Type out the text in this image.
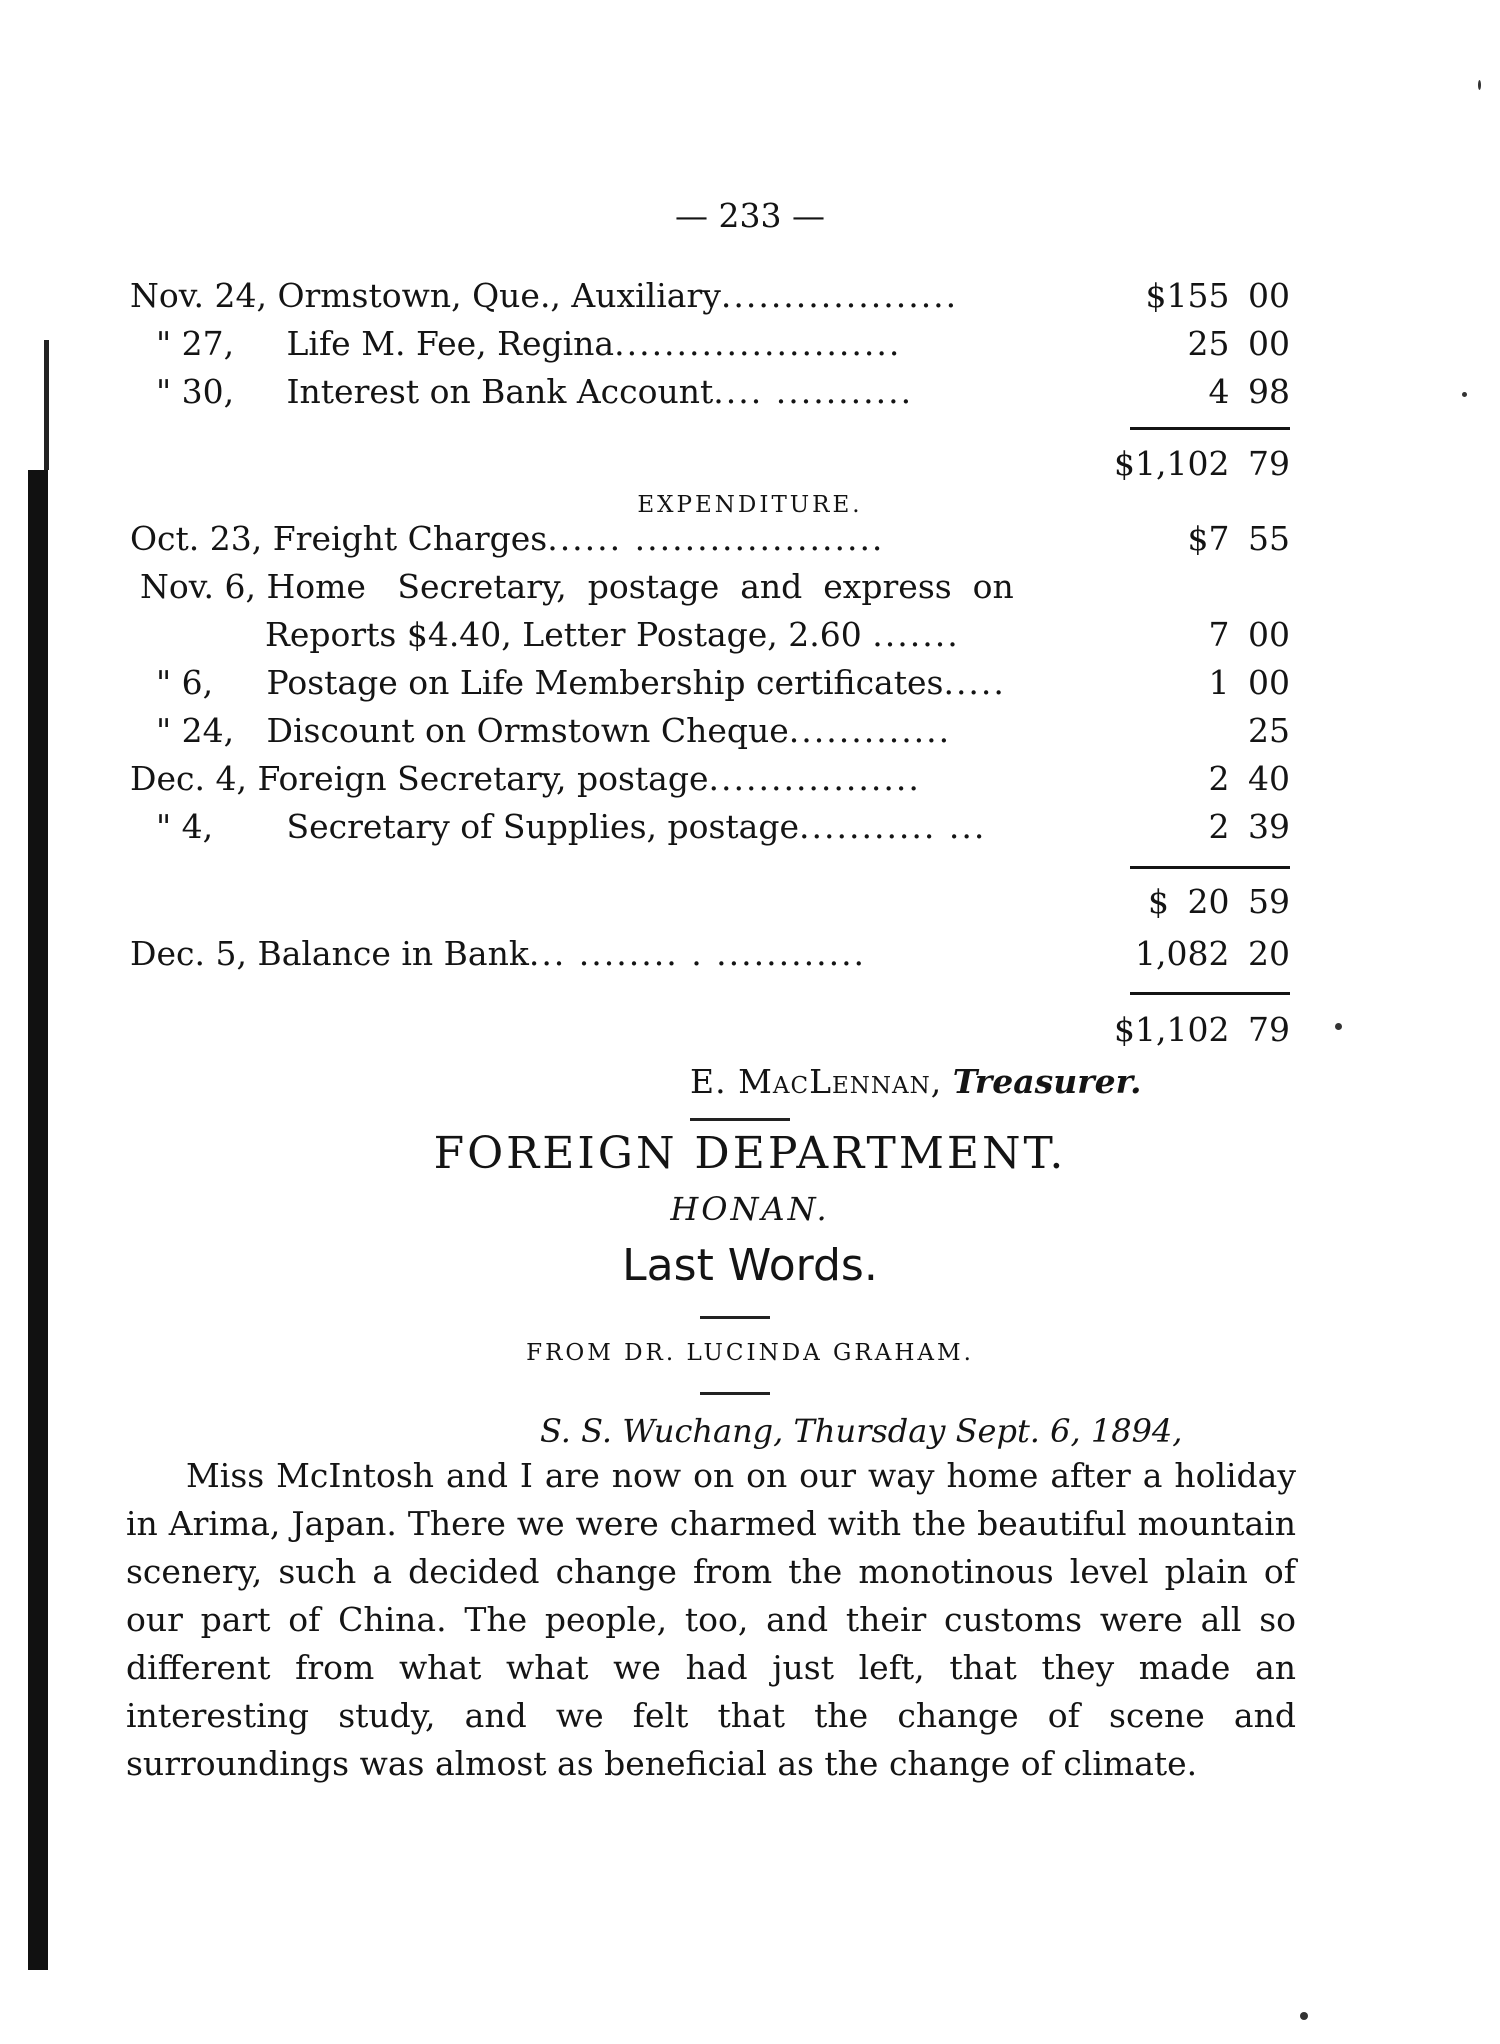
— 233 —
Nov. 24, Ormstown, Que., Auxiliary...................	$155 00
" 27, Life M. Fee, Regina.......................	25 00
" 30, Interest on Bank Account.... ...........	4 98
$1,102 79
Oct. 23, Freight Charges...... ....................	$7 55
Nov. 6, Home   Secretary,  postage  and  express  on
Reports $4.40, Letter Postage, 2.60 .......	7 00
" 6, Postage on Life Membership certificates.....	1 00
" 24, Discount on Ormstown Cheque.............	25
Dec. 4, Foreign Secretary, postage.................	2 40
" 4, Secretary of Supplies, postage........... ...	2 39
$ 20 59
Dec. 5, Balance in Bank... ........ . ............	1,082 20
$1,102 79
EXPENDITURE.
E. MacLennan, Treasurer.
FOREIGN DEPARTMENT.
HONAN.
Last Words.
FROM DR. LUCINDA GRAHAM.
S. S. Wuchang, Thursday Sept. 6, 1894,

Miss McIntosh and I are now on on our way home after a holiday in Arima, Japan. There we were charmed with the beautiful mountain scenery, such a decided change from the monotinous level plain of our part of China. The people, too, and their customs were all so different from what what we had just left, that they made an interesting study, and we felt that the change of scene and surroundings was almost as beneficial as the change of climate.
